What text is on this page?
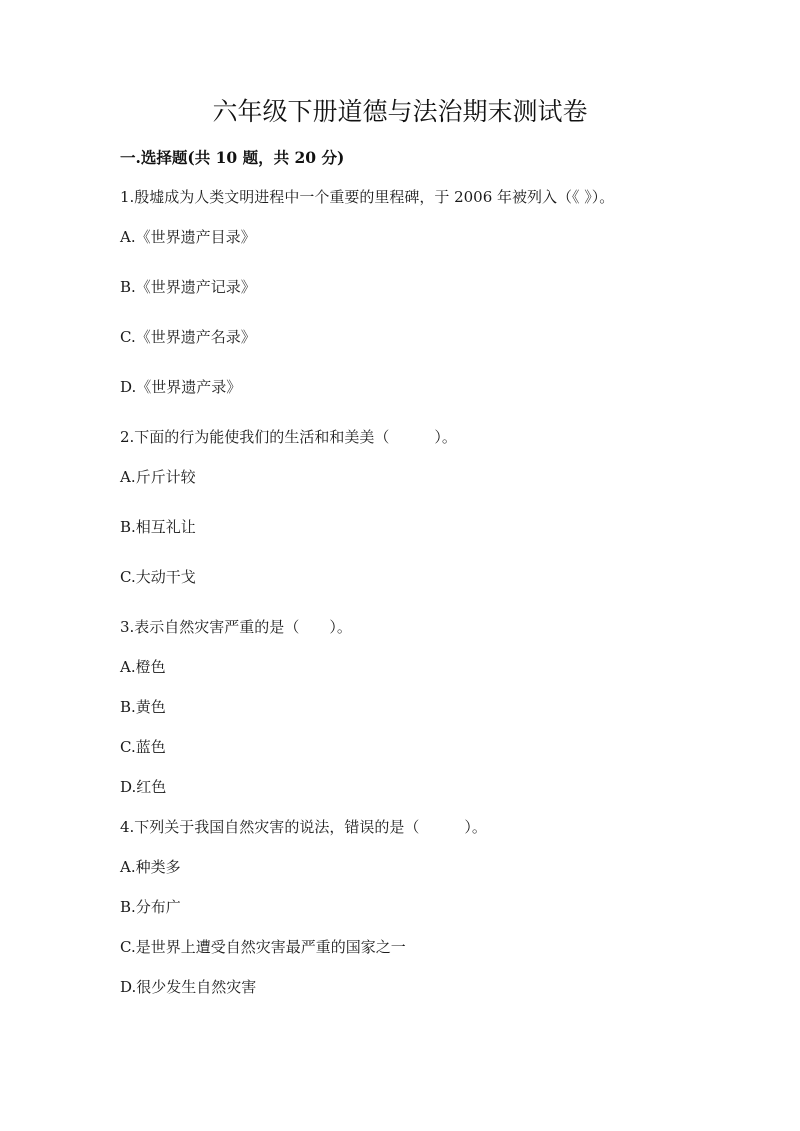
六年级下册道德与法治期末测试卷
一.选择题(共 10 题，共 20 分)
1.殷墟成为人类文明进程中一个重要的里程碑，于 2006 年被列入（《 》）。
A.《世界遗产目录》
B.《世界遗产记录》
C.《世界遗产名录》
D.《世界遗产录》
2.下面的行为能使我们的生活和和美美（　　　）。
A.斤斤计较
B.相互礼让
C.大动干戈
3.表示自然灾害严重的是（　　）。
A.橙色
B.黄色
C.蓝色
D.红色
4.下列关于我国自然灾害的说法，错误的是（　　　）。
A.种类多
B.分布广
C.是世界上遭受自然灾害最严重的国家之一
D.很少发生自然灾害
